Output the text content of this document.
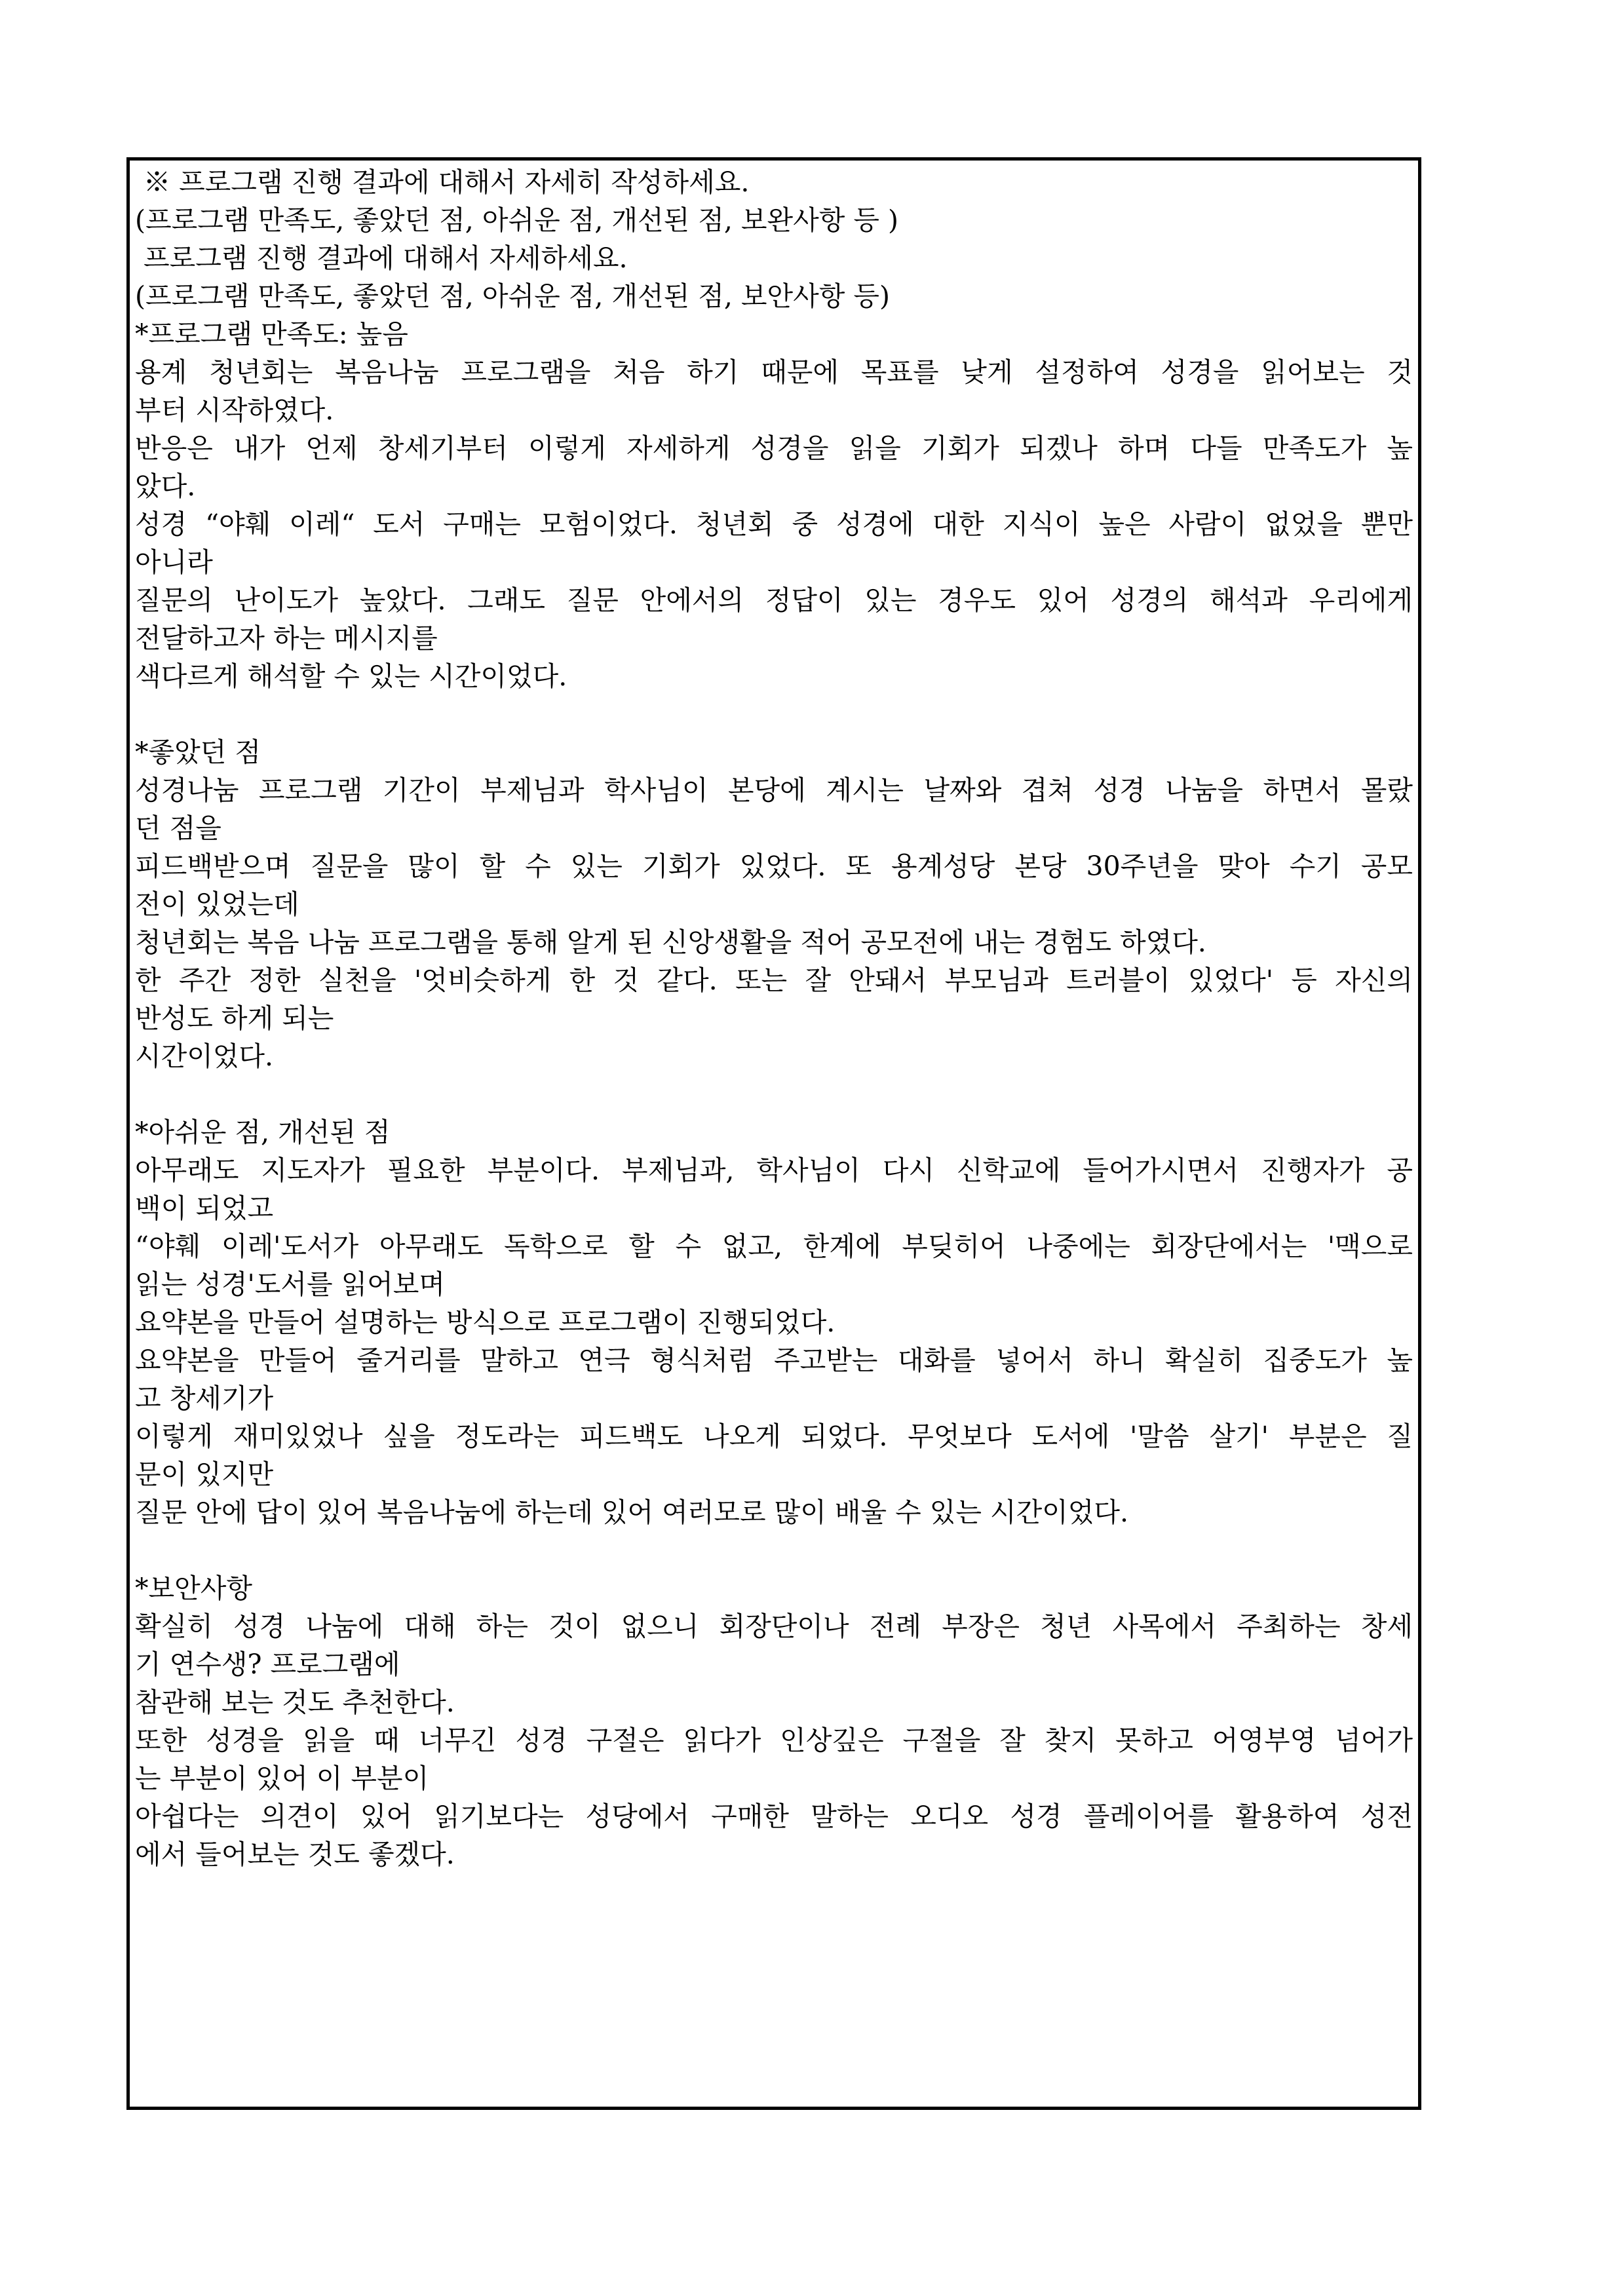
※ 프로그램 진행 결과에 대해서 자세히 작성하세요.
(프로그램 만족도, 좋았던 점, 아쉬운 점, 개선된 점, 보완사항 등 )
프로그램 진행 결과에 대해서 자세하세요.
(프로그램 만족도, 좋았던 점, 아쉬운 점, 개선된 점, 보안사항 등)
*프로그램 만족도: 높음
용계 청년회는 복음나눔 프로그램을 처음 하기 때문에 목표를 낮게 설정하여 성경을 읽어보는 것
부터 시작하였다.
반응은 내가 언제 창세기부터 이렇게 자세하게 성경을 읽을 기회가 되겠나 하며 다들 만족도가 높
았다.
성경 “야훼 이레“ 도서 구매는 모험이었다. 청년회 중 성경에 대한 지식이 높은 사람이 없었을 뿐만
아니라
질문의 난이도가 높았다. 그래도 질문 안에서의 정답이 있는 경우도 있어 성경의 해석과 우리에게
전달하고자 하는 메시지를
색다르게 해석할 수 있는 시간이었다.
*좋았던 점
성경나눔 프로그램 기간이 부제님과 학사님이 본당에 계시는 날짜와 겹쳐 성경 나눔을 하면서 몰랐
던 점을
피드백받으며 질문을 많이 할 수 있는 기회가 있었다. 또 용계성당 본당 30주년을 맞아 수기 공모
전이 있었는데
청년회는 복음 나눔 프로그램을 통해 알게 된 신앙생활을 적어 공모전에 내는 경험도 하였다.
한 주간 정한 실천을 '엇비슷하게 한 것 같다. 또는 잘 안돼서 부모님과 트러블이 있었다' 등 자신의
반성도 하게 되는
시간이었다.
*아쉬운 점, 개선된 점
아무래도 지도자가 필요한 부분이다. 부제님과, 학사님이 다시 신학교에 들어가시면서 진행자가 공
백이 되었고
“야훼 이레'도서가 아무래도 독학으로 할 수 없고, 한계에 부딪히어 나중에는 회장단에서는 '맥으로
읽는 성경'도서를 읽어보며
요약본을 만들어 설명하는 방식으로 프로그램이 진행되었다.
요약본을 만들어 줄거리를 말하고 연극 형식처럼 주고받는 대화를 넣어서 하니 확실히 집중도가 높
고 창세기가
이렇게 재미있었나 싶을 정도라는 피드백도 나오게 되었다. 무엇보다 도서에 '말씀 살기' 부분은 질
문이 있지만
질문 안에 답이 있어 복음나눔에 하는데 있어 여러모로 많이 배울 수 있는 시간이었다.
*보안사항
확실히 성경 나눔에 대해 하는 것이 없으니 회장단이나 전례 부장은 청년 사목에서 주최하는 창세
기 연수생? 프로그램에
참관해 보는 것도 추천한다.
또한 성경을 읽을 때 너무긴 성경 구절은 읽다가 인상깊은 구절을 잘 찾지 못하고 어영부영 넘어가
는 부분이 있어 이 부분이
아쉽다는 의견이 있어 읽기보다는 성당에서 구매한 말하는 오디오 성경 플레이어를 활용하여 성전
에서 들어보는 것도 좋겠다.
